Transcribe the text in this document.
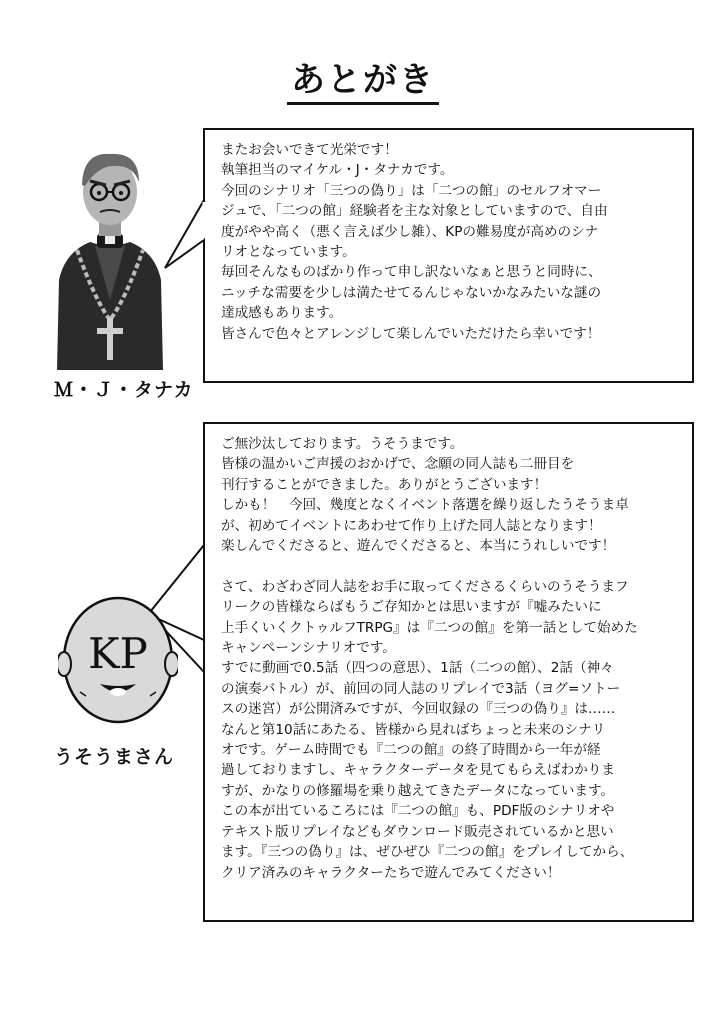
あとがき
Ｍ・Ｊ・タナカ

またお会いできて光栄です！

執筆担当のマイケル・J・タナカです。

今回のシナリオ「三つの偽り」は「二つの館」のセルフオマー

ジュで、「二つの館」経験者を主な対象としていますので、自由

度がやや高く（悪く言えば少し雑）、KPの難易度が高めのシナ

リオとなっています。

毎回そんなものばかり作って申し訳ないなぁと思うと同時に、

ニッチな需要を少しは満たせてるんじゃないかなみたいな謎の

達成感もあります。

皆さんで色々とアレンジして楽しんでいただけたら幸いです！

KP
うそうまさん

ご無沙汰しております。うそうまです。

皆様の温かいご声援のおかげで、念願の同人誌も二冊目を

刊行することができました。ありがとうございます！

しかも！　今回、幾度となくイベント落選を繰り返したうそうま卓

が、初めてイベントにあわせて作り上げた同人誌となります！

楽しんでくださると、遊んでくださると、本当にうれしいです！

さて、わざわざ同人誌をお手に取ってくださるくらいのうそうまフ

リークの皆様ならばもうご存知かとは思いますが『嘘みたいに

上手くいくクトゥルフTRPG』は『二つの館』を第一話として始めた

キャンペーンシナリオです。

すでに動画で0.5話（四つの意思）、1話（二つの館）、2話（神々

の演奏バトル）が、前回の同人誌のリプレイで3話（ヨグ=ソトー

スの迷宮）が公開済みですが、今回収録の『三つの偽り』は……

なんと第10話にあたる、皆様から見ればちょっと未来のシナリ

オです。ゲーム時間でも『二つの館』の終了時間から一年が経

過しておりますし、キャラクターデータを見てもらえばわかりま

すが、かなりの修羅場を乗り越えてきたデータになっています。

この本が出ているころには『二つの館』も、PDF版のシナリオや

テキスト版リプレイなどもダウンロード販売されているかと思い

ます。『三つの偽り』は、ぜひぜひ『二つの館』をプレイしてから、

クリア済みのキャラクターたちで遊んでみてください！
